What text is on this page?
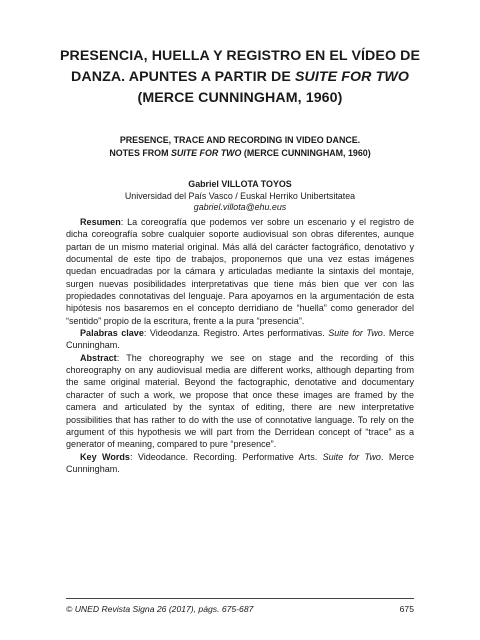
PRESENCIA, HUELLA Y REGISTRO EN EL VÍDEO DE
DANZA. APUNTES A PARTIR DE SUITE FOR TWO
(MERCE CUNNINGHAM, 1960)
PRESENCE, TRACE AND RECORDING IN VIDEO DANCE.
NOTES FROM SUITE FOR TWO (MERCE CUNNINGHAM, 1960)
Gabriel VILLOTA TOYOS
Universidad del País Vasco / Euskal Herriko Unibertsitatea
gabriel.villota@ehu.eus

Resumen: La coreografía que podemos ver sobre un escenario y el registro de dicha coreografía sobre cualquier soporte audiovisual son obras diferentes, aunque partan de un mismo material original. Más allá del carácter factográfico, denotativo y documental de este tipo de trabajos, proponemos que una vez estas imágenes quedan encuadradas por la cámara y articuladas mediante la sintaxis del montaje, surgen nuevas posibilidades interpretativas que tiene más bien que ver con las propiedades connotativas del lenguaje. Para apoyarnos en la argumentación de esta hipótesis nos basaremos en el concepto derridiano de “huella” como generador del “sentido” propio de la escritura, frente a la pura “presencia”.

Palabras clave: Videodanza. Registro. Artes performativas. Suite for Two. Merce Cunningham.

Abstract: The choreography we see on stage and the recording of this choreography on any audiovisual media are different works, although departing from the same original material. Beyond the factographic, denotative and documentary character of such a work, we propose that once these images are framed by the camera and articulated by the syntax of editing, there are new interpretative possibilities that has rather to do with the use of connotative language. To rely on the argument of this hypothesis we will part from the Derridean concept of “trace” as a generator of meaning, compared to pure “presence”.

Key Words: Videodance. Recording. Performative Arts. Suite for Two. Merce Cunningham.

© UNED Revista Signa 26 (2017), págs. 675-687	675
